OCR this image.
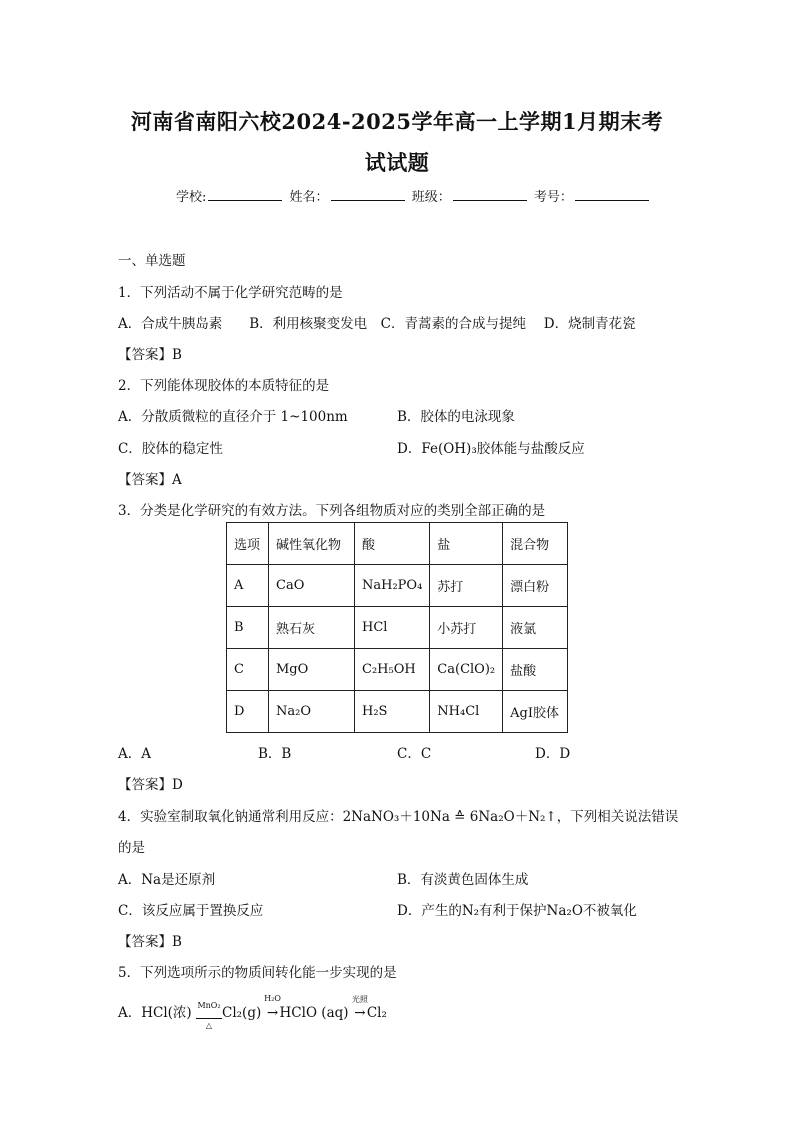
河南省南阳六校2024-2025学年高一上学期1月期末考
试试题
学校:	姓名：	班级：	考号：
一、单选题
1．下列活动不属于化学研究范畴的是
A．合成牛胰岛素　　B．利用核聚变发电　C．青蒿素的合成与提纯　 D．烧制青花瓷
【答案】B
2．下列能体现胶体的本质特征的是
A．分散质微粒的直径介于 1~100nm	B．胶体的电泳现象
C．胶体的稳定性	D．Fe(OH)₃胶体能与盐酸反应
【答案】A
3．分类是化学研究的有效方法。下列各组物质对应的类别全部正确的是
选项	碱性氧化物	酸	盐	混合物
A	CaO	NaH₂PO₄	苏打	漂白粉
B	熟石灰	HCl	小苏打	液氯
C	MgO	C₂H₅OH	Ca(ClO)₂	盐酸
D	Na₂O	H₂S	NH₄Cl	AgI胶体
A．A	B．B	C．C	D．D
【答案】D
4．实验室制取氧化钠通常利用反应：2NaNO₃＋10Na ≙ 6Na₂O＋N₂↑，下列相关说法错误
的是
A．Na是还原剂	B．有淡黄色固体生成
C．该反应属于置换反应	D．产生的N₂有利于保护Na₂O不被氧化
【答案】B
5．下列选项所示的物质间转化能一步实现的是
A．HCl(浓) $\frac{\text{MnO₂}}{\triangle} Cl_2(g)$
H₂O
→HClO (aq)
光照
→Cl₂
